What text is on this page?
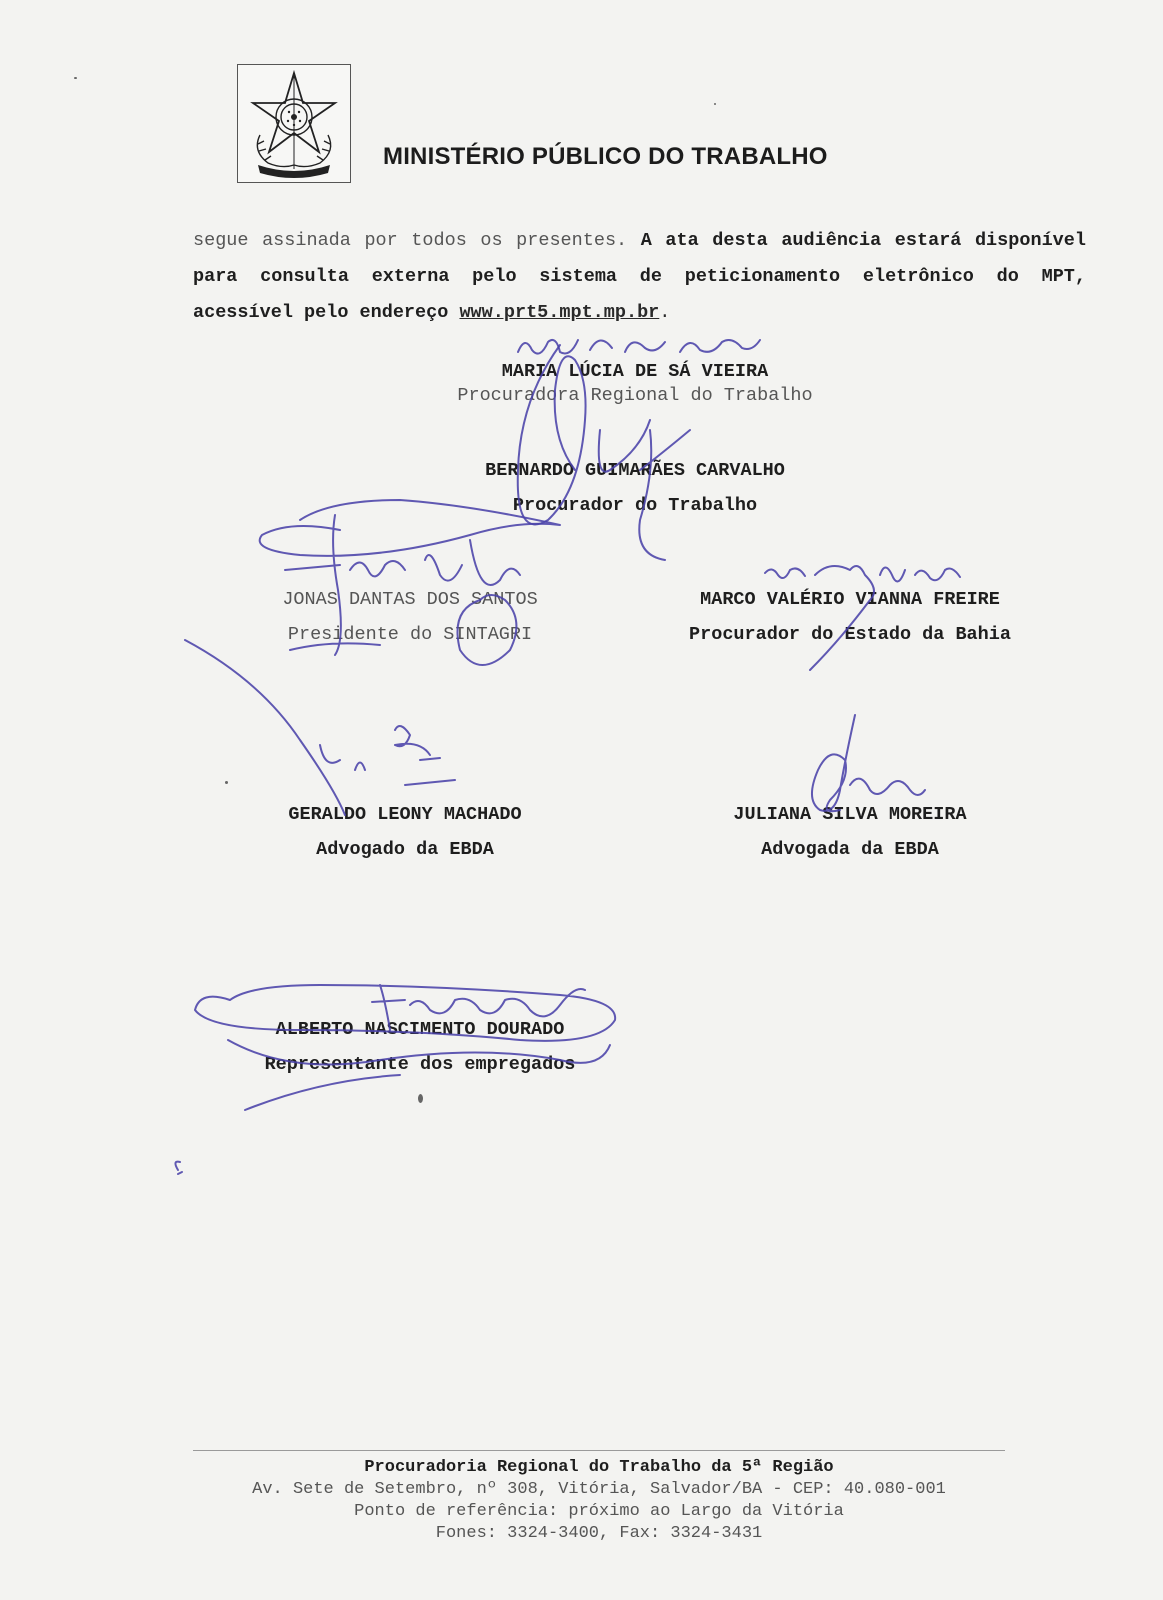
MINISTÉRIO PÚBLICO DO TRABALHO
segue assinada por todos os presentes. A ata desta audiência estará disponível para consulta externa pelo sistema de peticionamento eletrônico do MPT, acessível pelo endereço www.prt5.mpt.mp.br.
MARIA LÚCIA DE SÁ VIEIRA
Procuradora Regional do Trabalho
BERNARDO GUIMARÃES CARVALHO
Procurador do Trabalho
JONAS DANTAS DOS SANTOS
Presidente do SINTAGRI
MARCO VALÉRIO VIANNA FREIRE
Procurador do Estado da Bahia
GERALDO LEONY MACHADO
Advogado da EBDA
JULIANA SILVA MOREIRA
Advogada da EBDA
ALBERTO NASCIMENTO DOURADO
Representante dos empregados
Procuradoria Regional do Trabalho da 5ª Região
Av. Sete de Setembro, nº 308, Vitória, Salvador/BA - CEP: 40.080-001
Ponto de referência: próximo ao Largo da Vitória
Fones: 3324-3400, Fax: 3324-3431
